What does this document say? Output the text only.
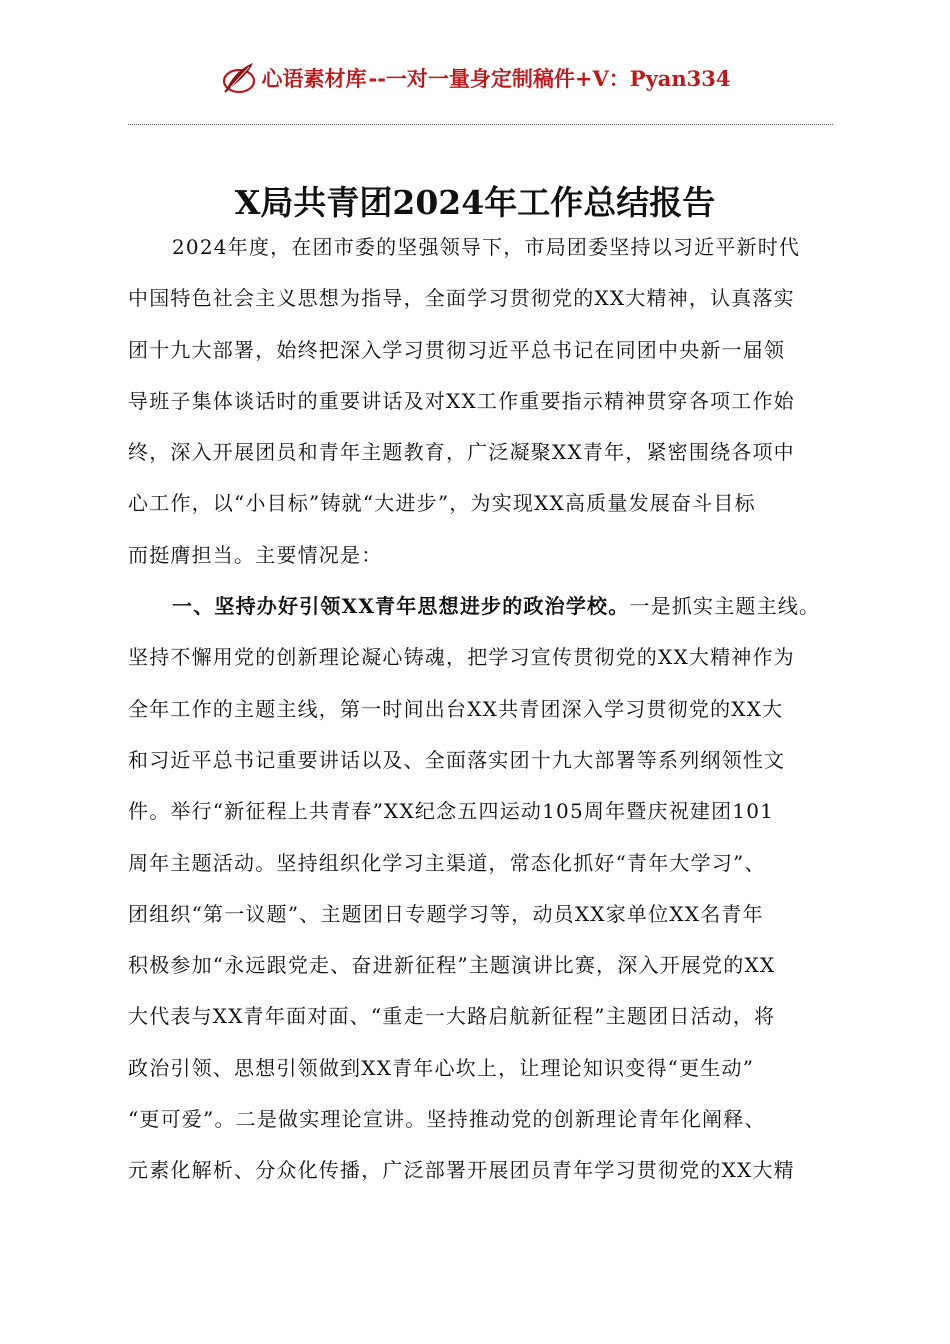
心语素材库 --一对一量身定制稿件 +V：Pyan334
X局共青团2024年工作总结报告
2024年度，在团市委的坚强领导下，市局团委坚持以习近平新时代
中国特色社会主义思想为指导，全面学习贯彻党的XX大精神，认真落实
团十九大部署，始终把深入学习贯彻习近平总书记在同团中央新一届领
导班子集体谈话时的重要讲话及对XX工作重要指示精神贯穿各项工作始
终，深入开展团员和青年主题教育，广泛凝聚XX青年，紧密围绕各项中
心工作，以“小目标”铸就“大进步”，为实现XX高质量发展奋斗目标
而挺膺担当。主要情况是：
一、坚持办好引领XX青年思想进步的政治学校。一是抓实主题主线。
坚持不懈用党的创新理论凝心铸魂，把学习宣传贯彻党的XX大精神作为
全年工作的主题主线，第一时间出台XX共青团深入学习贯彻党的XX大
和习近平总书记重要讲话以及、全面落实团十九大部署等系列纲领性文
件。举行“新征程上共青春”XX纪念五四运动105周年暨庆祝建团101
周年主题活动。坚持组织化学习主渠道，常态化抓好“青年大学习”、
团组织“第一议题”、主题团日专题学习等，动员XX家单位XX名青年
积极参加“永远跟党走、奋进新征程”主题演讲比赛，深入开展党的XX
大代表与XX青年面对面、“重走一大路启航新征程”主题团日活动，将
政治引领、思想引领做到XX青年心坎上，让理论知识变得“更生动”
“更可爱”。二是做实理论宣讲。坚持推动党的创新理论青年化阐释、
元素化解析、分众化传播，广泛部署开展团员青年学习贯彻党的XX大精
